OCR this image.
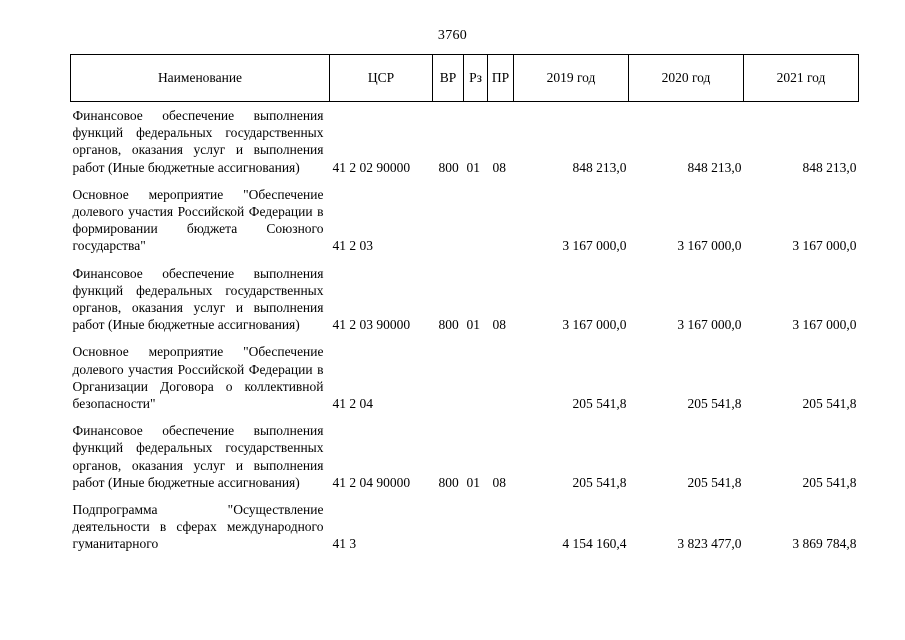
3760
Наименование	ЦСР	ВР	Рз	ПР	2019 год	2020 год	2021 год
Финансовое обеспечение выполнения функций федеральных государственных органов, оказания услуг и выполнения работ (Иные бюджетные ассигнования)	41 2 02 90000	800	01	08	848 213,0	848 213,0	848 213,0
Основное мероприятие "Обеспечение долевого участия Российской Федерации в формировании бюджета Союзного государства"	41 2 03				3 167 000,0	3 167 000,0	3 167 000,0
Финансовое обеспечение выполнения функций федеральных государственных органов, оказания услуг и выполнения работ (Иные бюджетные ассигнования)	41 2 03 90000	800	01	08	3 167 000,0	3 167 000,0	3 167 000,0
Основное мероприятие "Обеспечение долевого участия Российской Федерации в Организации Договора о коллективной безопасности"	41 2 04				205 541,8	205 541,8	205 541,8
Финансовое обеспечение выполнения функций федеральных государственных органов, оказания услуг и выполнения работ (Иные бюджетные ассигнования)	41 2 04 90000	800	01	08	205 541,8	205 541,8	205 541,8
Подпрограмма "Осуществление деятельности в сферах международного гуманитарного	41 3				4 154 160,4	3 823 477,0	3 869 784,8
